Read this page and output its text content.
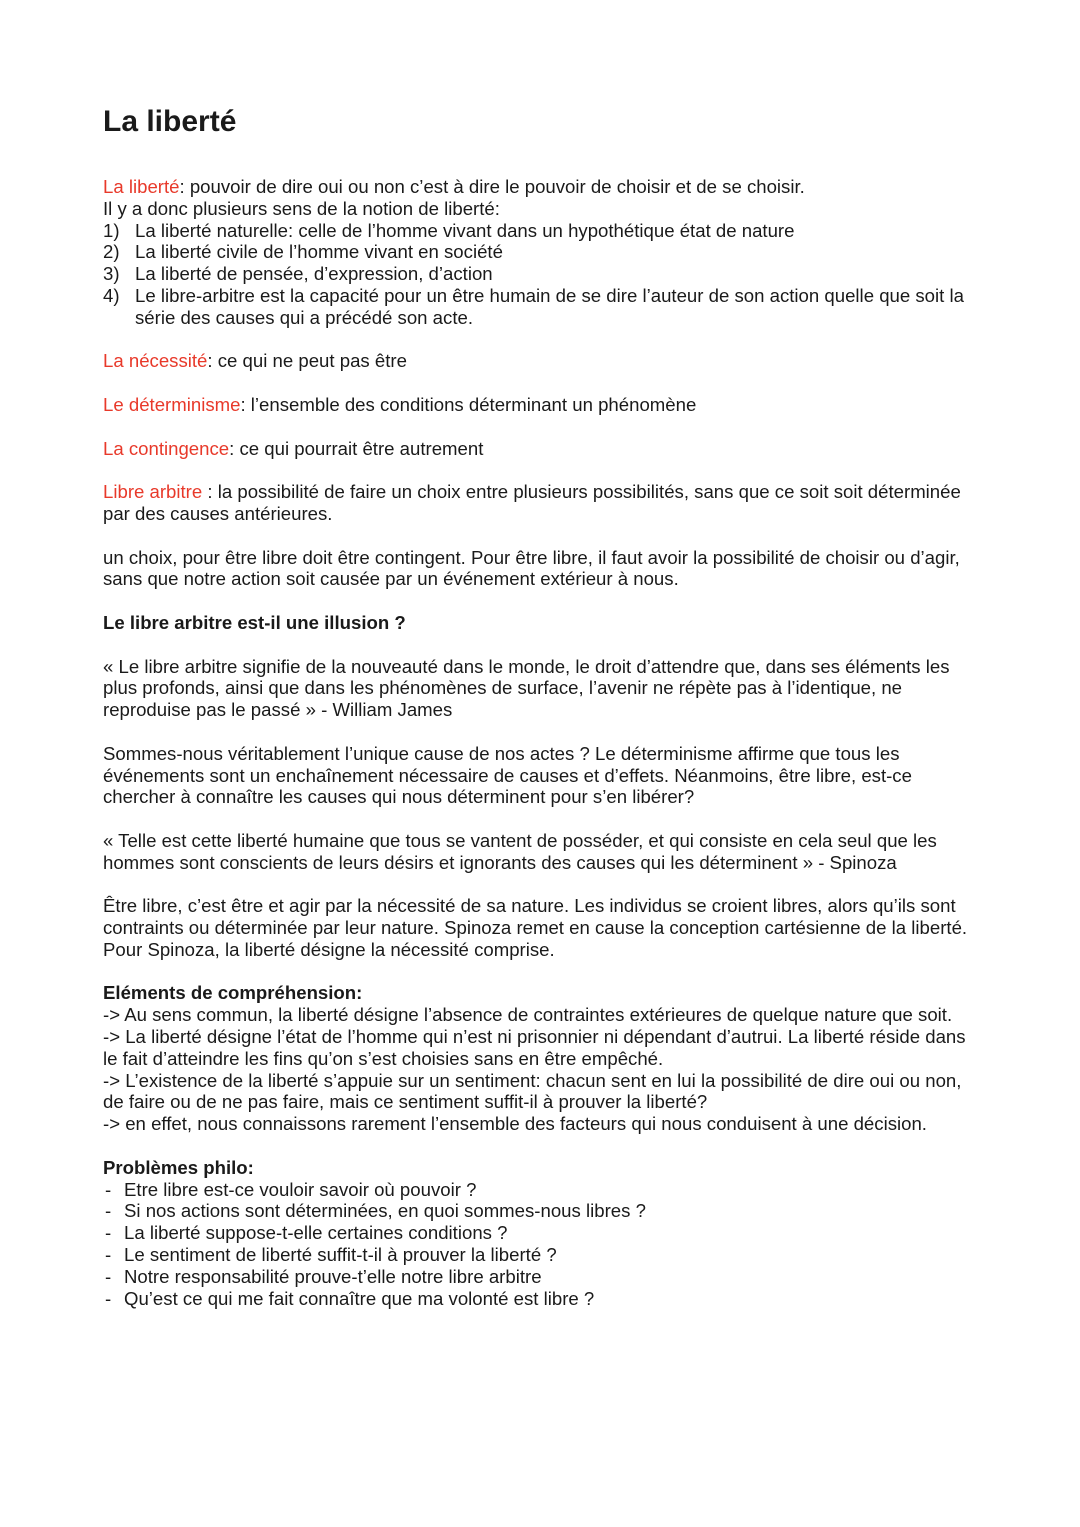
La liberté

La liberté: pouvoir de dire oui ou non c’est à dire le pouvoir de choisir et de se choisir.

Il y a donc plusieurs sens de la notion de liberté:

1) La liberté naturelle: celle de l’homme vivant dans un hypothétique état de nature
2) La liberté civile de l’homme vivant en société
3) La liberté de pensée, d’expression, d’action
4) Le libre-arbitre est la capacité pour un être humain de se dire l’auteur de son action quelle que soit la série des causes qui a précédé son acte.

La nécessité: ce qui ne peut pas être

Le déterminisme: l’ensemble des conditions déterminant un phénomène

La contingence: ce qui pourrait être autrement

Libre arbitre : la possibilité de faire un choix entre plusieurs possibilités, sans que ce soit soit déterminée par des causes antérieures.

un choix, pour être libre doit être contingent. Pour être libre, il faut avoir la possibilité de choisir ou d’agir, sans que notre action soit causée par un événement extérieur à nous.

Le libre arbitre est-il une illusion ?

« Le libre arbitre signifie de la nouveauté dans le monde, le droit d’attendre que, dans ses éléments les plus profonds, ainsi que dans les phénomènes de surface, l’avenir ne répète pas à l’identique, ne reproduise pas le passé » - William James

Sommes-nous véritablement l’unique cause de nos actes ? Le déterminisme affirme que tous les événements sont un enchaînement nécessaire de causes et d’effets. Néanmoins, être libre, est-ce chercher à connaître les causes qui nous déterminent pour s’en libérer?

« Telle est cette liberté humaine que tous se vantent de posséder, et qui consiste en cela seul que les hommes sont conscients de leurs désirs et ignorants des causes qui les déterminent » - Spinoza

Être libre, c’est être et agir par la nécessité de sa nature. Les individus se croient libres, alors qu’ils sont contraints ou déterminée par leur nature. Spinoza remet en cause la conception cartésienne de la liberté. Pour Spinoza, la liberté désigne la nécessité comprise.

Eléments de compréhension:

-> Au sens commun, la liberté désigne l’absence de contraintes extérieures de quelque nature que soit.

-> La liberté désigne l’état de l’homme qui n’est ni prisonnier ni dépendant d’autrui. La liberté réside dans le fait d’atteindre les fins qu’on s’est choisies sans en être empêché.

-> L’existence de la liberté s’appuie sur un sentiment: chacun sent en lui la possibilité de dire oui ou non, de faire ou de ne pas faire, mais ce sentiment suffit-il à prouver la liberté?

-> en effet, nous connaissons rarement l’ensemble des facteurs qui nous conduisent à une décision.

Problèmes philo:

- Etre libre est-ce vouloir savoir où pouvoir ?
- Si nos actions sont déterminées, en quoi sommes-nous libres ?
- La liberté suppose-t-elle certaines conditions ?
- Le sentiment de liberté suffit-t-il à prouver la liberté ?
- Notre responsabilité prouve-t’elle notre libre arbitre
- Qu’est ce qui me fait connaître que ma volonté est libre ?
